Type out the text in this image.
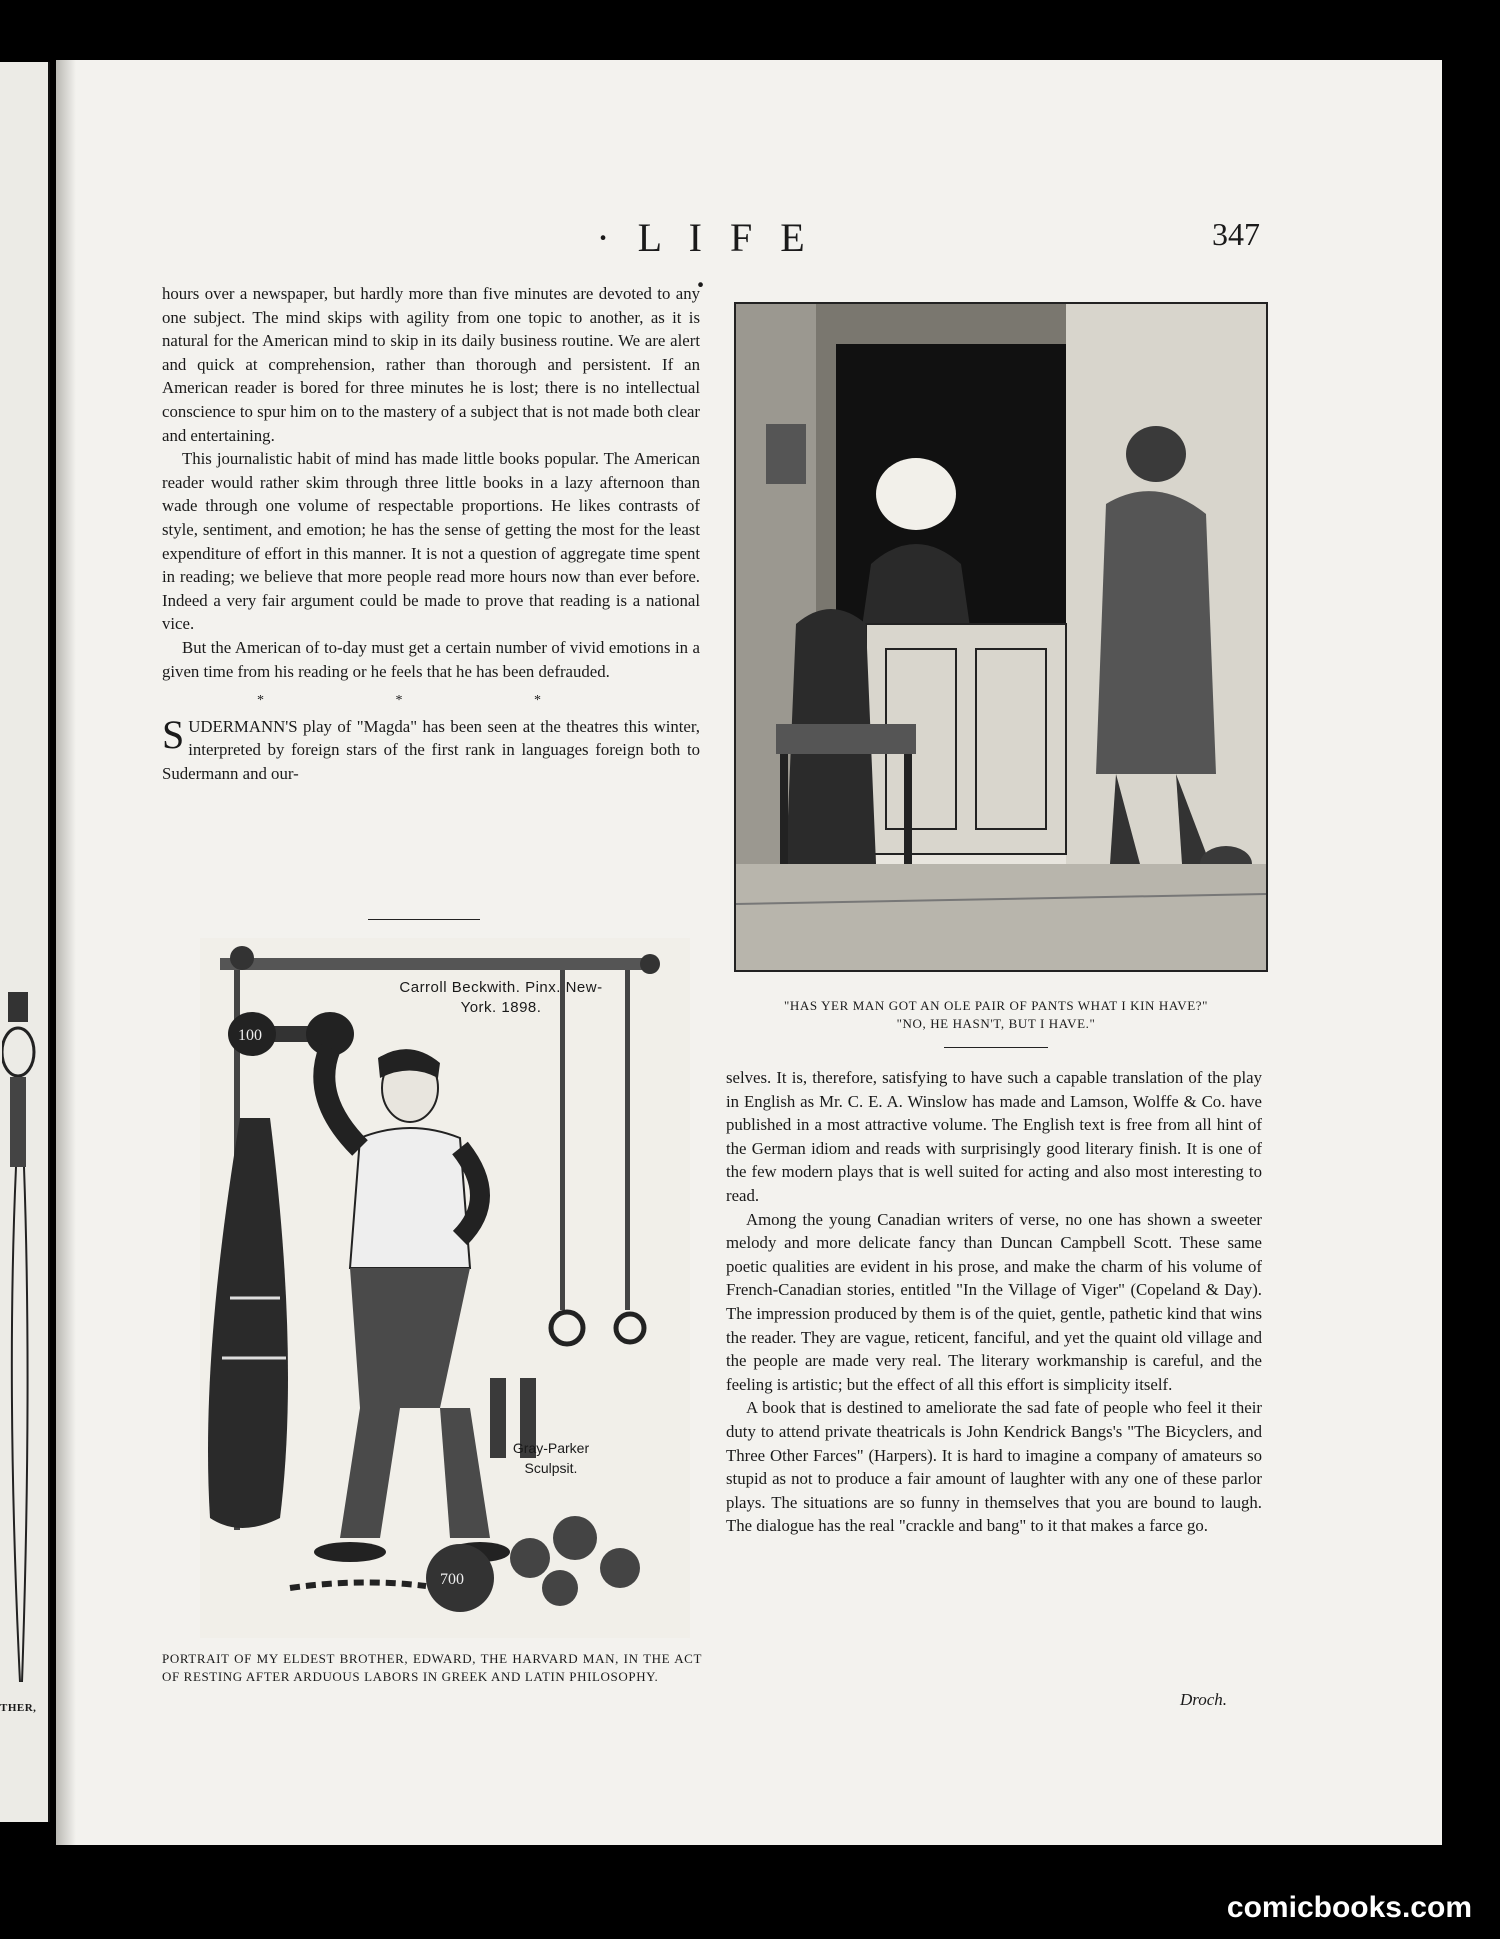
THER,
· L I F E ·
347

hours over a newspaper, but hardly more than five minutes are devoted to any one subject. The mind skips with agility from one topic to another, as it is natural for the American mind to skip in its daily business routine. We are alert and quick at comprehension, rather than thorough and persistent. If an American reader is bored for three minutes he is lost; there is no intellectual conscience to spur him on to the mastery of a subject that is not made both clear and entertaining.

This journalistic habit of mind has made little books popular. The American reader would rather skim through three little books in a lazy afternoon than wade through one volume of respectable proportions. He likes contrasts of style, sentiment, and emotion; he has the sense of getting the most for the least expenditure of effort in this manner. It is not a question of aggregate time spent in reading; we believe that more people read more hours now than ever before. Indeed a very fair argument could be made to prove that reading is a national vice.

But the American of to-day must get a certain number of vivid emotions in a given time from his reading or he feels that he has been defrauded.

* * *

SUDERMANN'S play of "Magda" has been seen at the theatres this winter, interpreted by foreign stars of the first rank in languages foreign both to Sudermann and our-

"HAS YER MAN GOT AN OLE PAIR OF PANTS WHAT I KIN HAVE?"
"NO, HE HASN'T, BUT I HAVE."

selves. It is, therefore, satisfying to have such a capable translation of the play in English as Mr. C. E. A. Winslow has made and Lamson, Wolffe & Co. have published in a most attractive volume. The English text is free from all hint of the German idiom and reads with surprisingly good literary finish. It is one of the few modern plays that is well suited for acting and also most interesting to read.

Among the young Canadian writers of verse, no one has shown a sweeter melody and more delicate fancy than Duncan Campbell Scott. These same poetic qualities are evident in his prose, and make the charm of his volume of French-Canadian stories, entitled "In the Village of Viger" (Copeland & Day). The impression produced by them is of the quiet, gentle, pathetic kind that wins the reader. They are vague, reticent, fanciful, and yet the quaint old village and the people are made very real. The literary workmanship is careful, and the feeling is artistic; but the effect of all this effort is simplicity itself.

A book that is destined to ameliorate the sad fate of people who feel it their duty to attend private theatricals is John Kendrick Bangs's "The Bicyclers, and Three Other Farces" (Harpers). It is hard to imagine a company of amateurs so stupid as not to produce a fair amount of laughter with any one of these parlor plays. The situations are so funny in themselves that you are bound to laugh. The dialogue has the real "crackle and bang" to it that makes a farce go.

Droch.
100
700
Carroll Beckwith. Pinx. New-York. 1898.
Gray-Parker Sculpsit.
PORTRAIT OF MY ELDEST BROTHER, EDWARD, THE HARVARD MAN, IN THE ACT OF RESTING AFTER ARDUOUS LABORS IN GREEK AND LATIN PHILOSOPHY.
comicbooks.com
